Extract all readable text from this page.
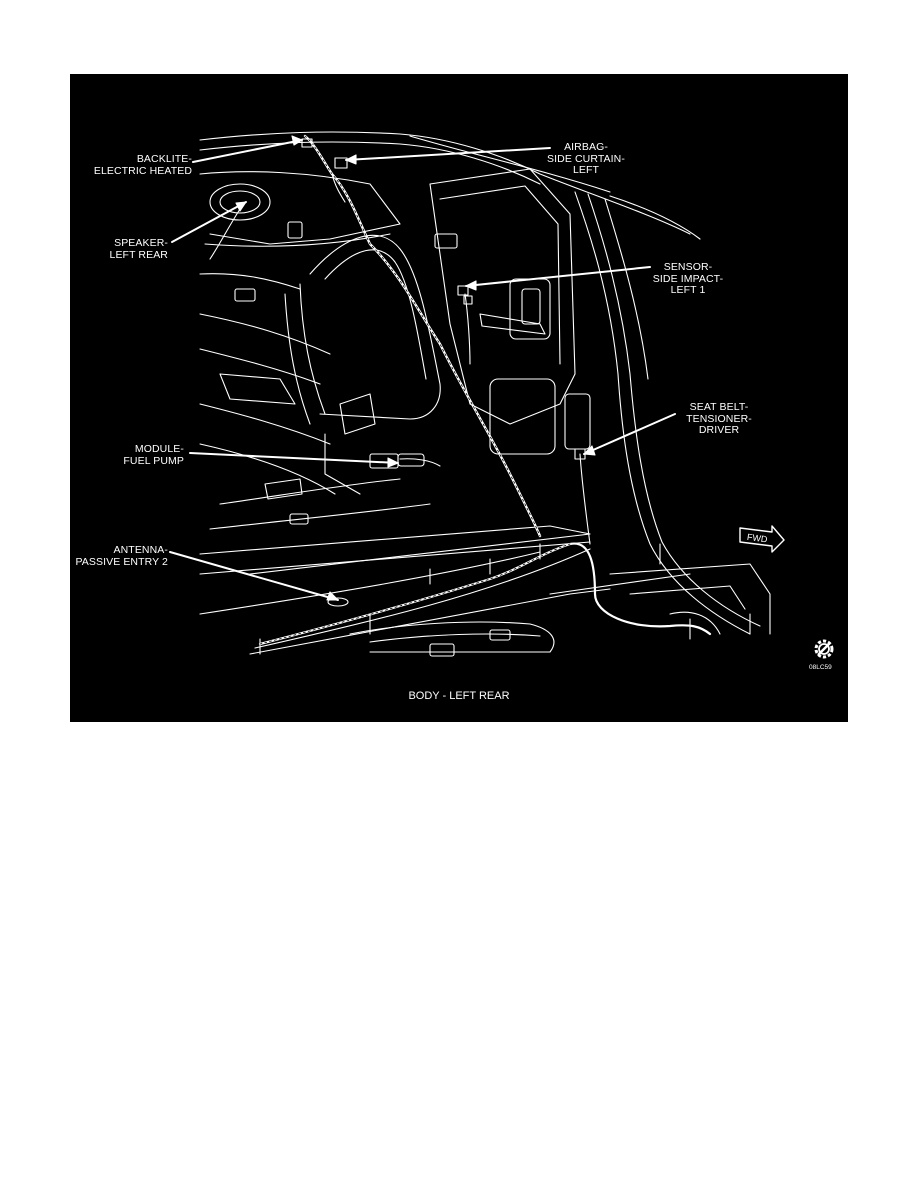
FWD
08LC59
BACKLITE-
ELECTRIC HEATED
AIRBAG-
SIDE CURTAIN-
LEFT
SPEAKER-
LEFT REAR
SENSOR-
SIDE IMPACT-
LEFT 1
SEAT BELT-
TENSIONER-
DRIVER
MODULE-
FUEL PUMP
ANTENNA-
PASSIVE ENTRY 2
BODY - LEFT REAR
